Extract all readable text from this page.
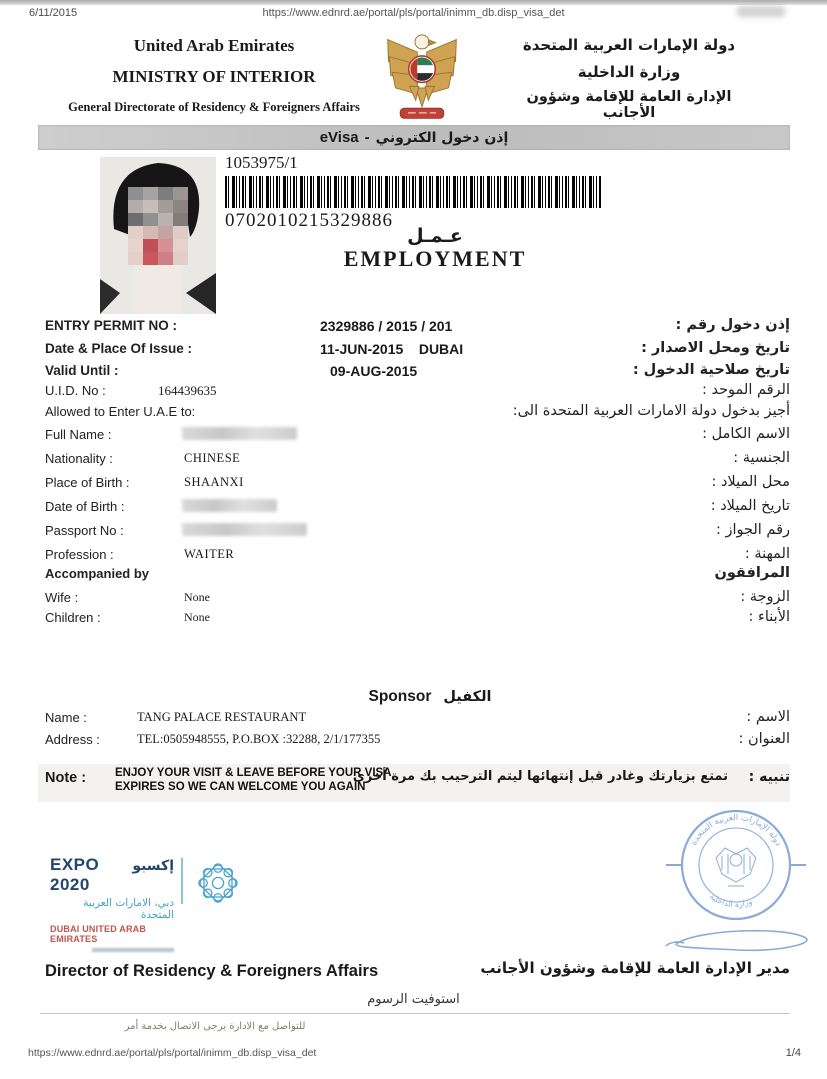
6/11/2015	https://www.ednrd.ae/portal/pls/portal/inimm_db.disp_visa_det
United Arab Emirates
MINISTRY OF INTERIOR
General Directorate of Residency & Foreigners Affairs
دولة الإمارات العربية المتحدة
وزارة الداخلية
الإدارة العامة للإقامة وشؤون الأجانب
eVisa - إذن دخول الكتروني
1053975/1
0702010215329886
عـمـل
EMPLOYMENT
ENTRY PERMIT NO :	2329886 / 2015 / 201	إذن دخول رقم :
Date & Place Of Issue :	11-JUN-2015    DUBAI	تاريخ ومحل الاصدار :
Valid Until :	09-AUG-2015	تاريخ صلاحية الدخول :
U.I.D. No :	164439635	الرقم الموحد :
Allowed to Enter U.A.E to:	أجيز بدخول دولة الامارات العربية المتحدة الى:
Full Name :	الاسم الكامل :
Nationality :	CHINESE	الجنسية :
Place of Birth :	SHAANXI	محل الميلاد :
Date of Birth :	تاريخ الميلاد :
Passport No :	رقم الجواز :
Profession :	WAITER	المهنة :
Accompanied by	المرافقون
Wife :	None	الزوجة :
Children :	None	الأبناء :
Sponsor الكفيل
Name :	TANG PALACE RESTAURANT	الاسم :
Address :	TEL:0505948555, P.O.BOX :32288, 2/1/177355	العنوان :
Note :	ENJOY YOUR VISIT & LEAVE BEFORE YOUR VISA
EXPIRES SO WE CAN WELCOME YOU AGAIN
تمتع بزيارتك وغادر قبل إنتهائها ليتم الترحيب بك مرة أخرى تنبيه :
EXPO 2020
إكسبو
دبي، الامارات العربية المتحدة
DUBAI UNITED ARAB EMIRATES
دولة الإمارات العربية المتحدة
وزارة الداخلية
Director of Residency & Foreigners Affairs	مدير الإدارة العامة للإقامة وشؤون الأجانب
استوفيت الرسوم
للتواصل مع الادارة يرجى الاتصال بخدمة أمر
https://www.ednrd.ae/portal/pls/portal/inimm_db.disp_visa_det	1/4
